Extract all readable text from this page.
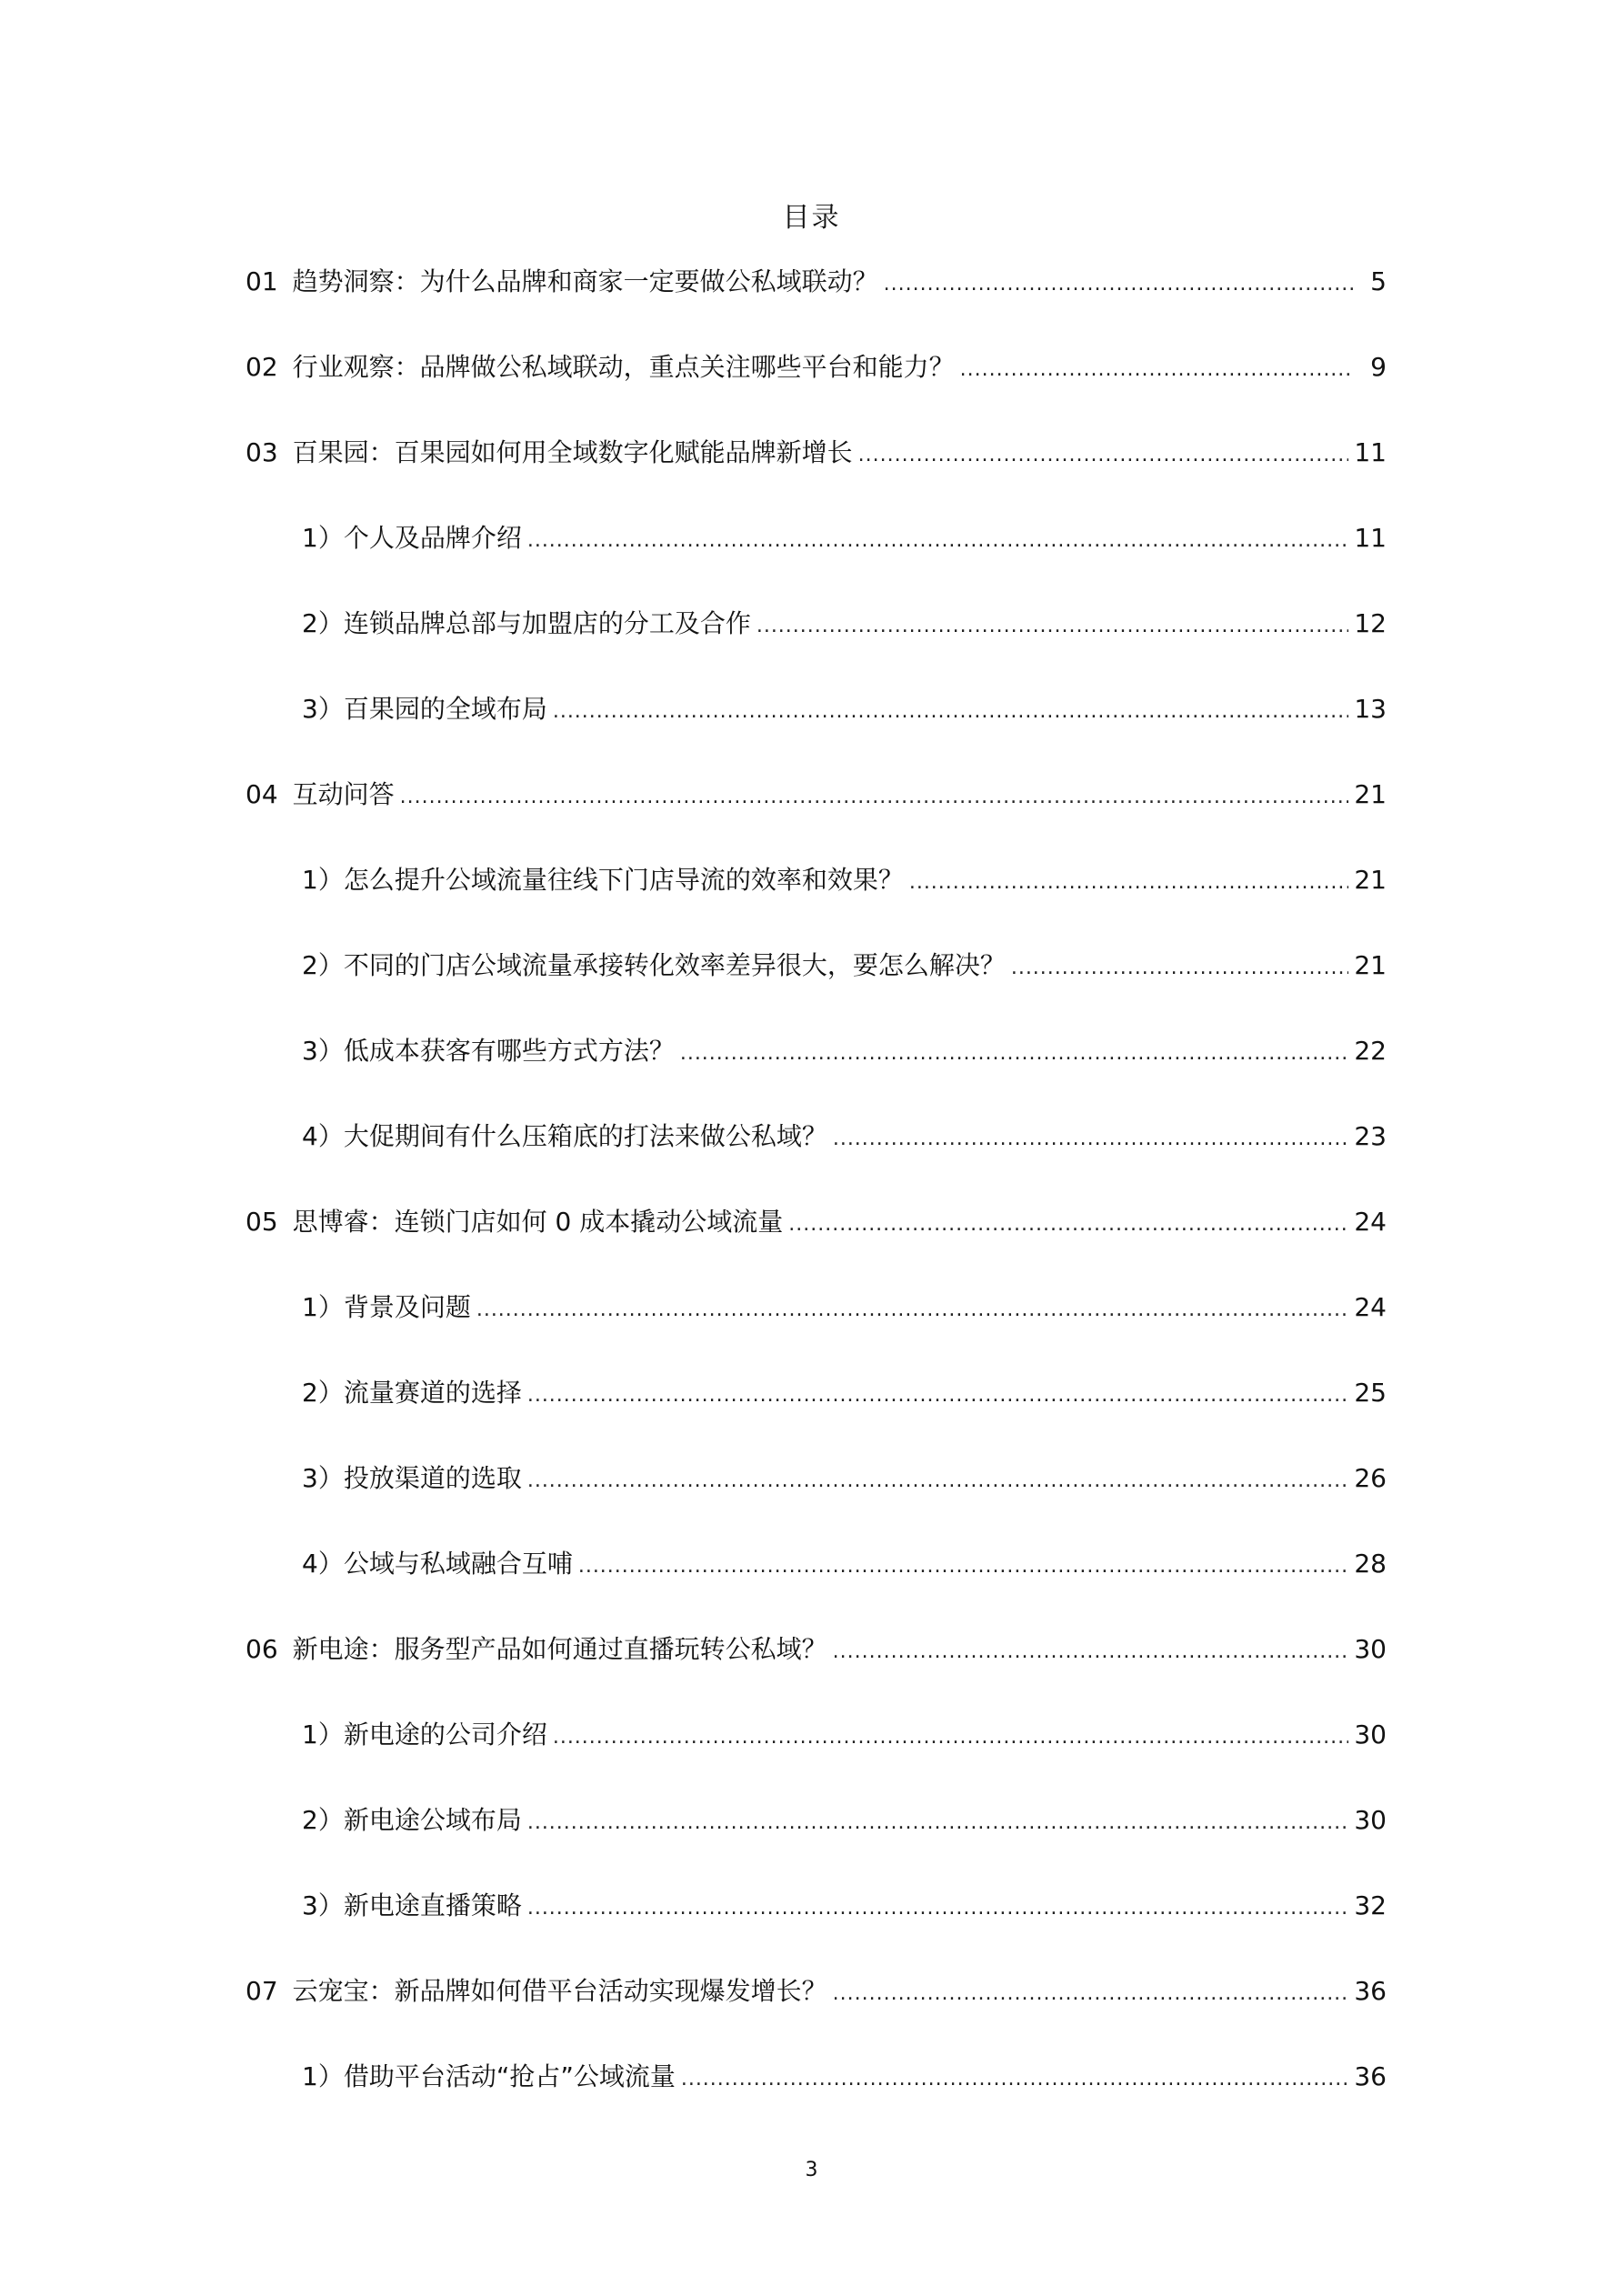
目录
01 趋势洞察：为什么品牌和商家一定要做公私域联动？ .....	5
02 行业观察：品牌做公私域联动，重点关注哪些平台和能力？ .....	9
03 百果园：百果园如何用全域数字化赋能品牌新增长 .....	11
1）个人及品牌介绍 .....	11
2）连锁品牌总部与加盟店的分工及合作 .....	12
3）百果园的全域布局 .....	13
04 互动问答 .....	21
1）怎么提升公域流量往线下门店导流的效率和效果？ .....	21
2）不同的门店公域流量承接转化效率差异很大，要怎么解决？ .....	21
3）低成本获客有哪些方式方法？ .....	22
4）大促期间有什么压箱底的打法来做公私域？ .....	23
05 思博睿：连锁门店如何 0 成本撬动公域流量 .....	24
1）背景及问题 .....	24
2）流量赛道的选择 .....	25
3）投放渠道的选取 .....	26
4）公域与私域融合互哺 .....	28
06 新电途：服务型产品如何通过直播玩转公私域？ .....	30
1）新电途的公司介绍 .....	30
2）新电途公域布局 .....	30
3）新电途直播策略 .....	32
07 云宠宝：新品牌如何借平台活动实现爆发增长？ .....	36
1）借助平台活动“抢占”公域流量 .....	36
3
